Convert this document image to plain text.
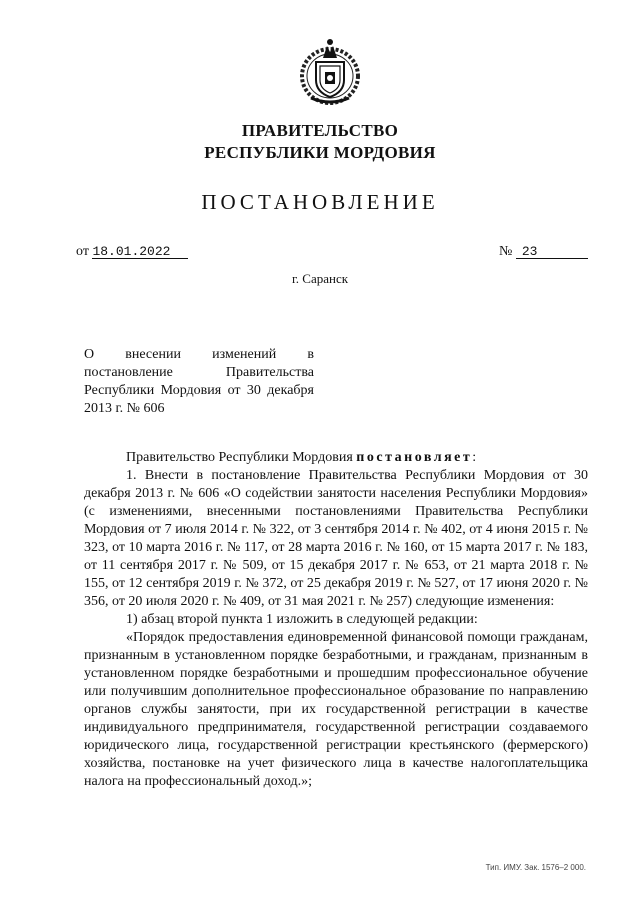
ПРАВИТЕЛЬСТВО
РЕСПУБЛИКИ МОРДОВИЯ
ПОСТАНОВЛЕНИЕ
от 18.01.2022	№ 23
г. Саранск
О внесении изменений в постановление Правительства Республики Мордовия от 30 декабря 2013 г. № 606

Правительство Республики Мордовия постановляет:

1. Внести в постановление Правительства Республики Мордовия от 30 декабря 2013 г. № 606 «О содействии занятости населения Республики Мордовия» (с изменениями, внесенными постановлениями Правительства Республики Мордовия от 7 июля 2014 г. № 322, от 3 сентября 2014 г. № 402, от 4 июня 2015 г. № 323, от 10 марта 2016 г. № 117, от 28 марта 2016 г. № 160, от 15 марта 2017 г. № 183, от 11 сентября 2017 г. № 509, от 15 декабря 2017 г. № 653, от 21 марта 2018 г. № 155, от 12 сентября 2019 г. № 372, от 25 декабря 2019 г. № 527, от 17 июня 2020 г. № 356, от 20 июля 2020 г. № 409, от 31 мая 2021 г. № 257) следующие изменения:

1) абзац второй пункта 1 изложить в следующей редакции:

«Порядок предоставления единовременной финансовой помощи гражданам, признанным в установленном порядке безработными, и гражданам, признанным в установленном порядке безработными и прошедшим профессиональное обучение или получившим дополнительное профессиональное образование по направлению органов службы занятости, при их государственной регистрации в качестве индивидуального предпринимателя, государственной регистрации создаваемого юридического лица, государственной регистрации крестьянского (фермерского) хозяйства, постановке на учет физического лица в качестве налогоплательщика налога на профессиональный доход.»;

Тип. ИМУ. Зак. 1576–2 000.
